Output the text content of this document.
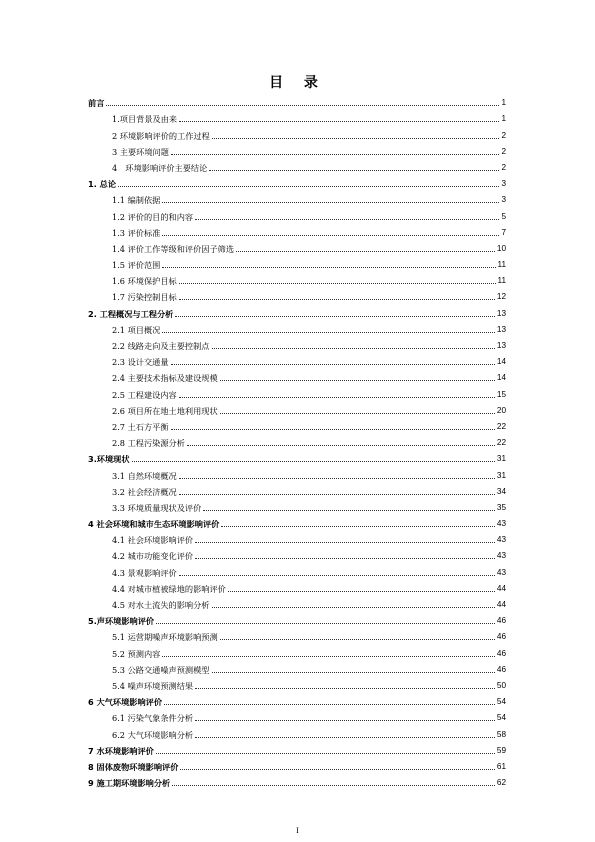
目 录
前言	1
1.项目背景及由来	1
2 环境影响评价的工作过程	2
3 主要环境问题	2
4　环境影响评价主要结论	2
1. 总论	3
1.1 编制依据	3
1.2 评价的目的和内容	5
1.3 评价标准	7
1.4 评价工作等级和评价因子筛选	10
1.5 评价范围	11
1.6 环境保护目标	11
1.7 污染控制目标	12
2. 工程概况与工程分析	13
2.1 项目概况	13
2.2 线路走向及主要控制点	13
2.3 设计交通量	14
2.4 主要技术指标及建设规模	14
2.5 工程建设内容	15
2.6 项目所在地土地利用现状	20
2.7 土石方平衡	22
2.8 工程污染源分析	22
3.环境现状	31
3.1 自然环境概况	31
3.2 社会经济概况	34
3.3 环境质量现状及评价	35
4 社会环境和城市生态环境影响评价	43
4.1 社会环境影响评价	43
4.2 城市功能变化评价	43
4.3 景观影响评价	43
4.4 对城市植被绿地的影响评价	44
4.5 对水土流失的影响分析	44
5.声环境影响评价	46
5.1 运营期噪声环境影响预测	46
5.2 预测内容	46
5.3 公路交通噪声预测模型	46
5.4 噪声环境预测结果	50
6 大气环境影响评价	54
6.1 污染气象条件分析	54
6.2 大气环境影响分析	58
7 水环境影响评价	59
8 固体废物环境影响评价	61
9 施工期环境影响分析	62
I
